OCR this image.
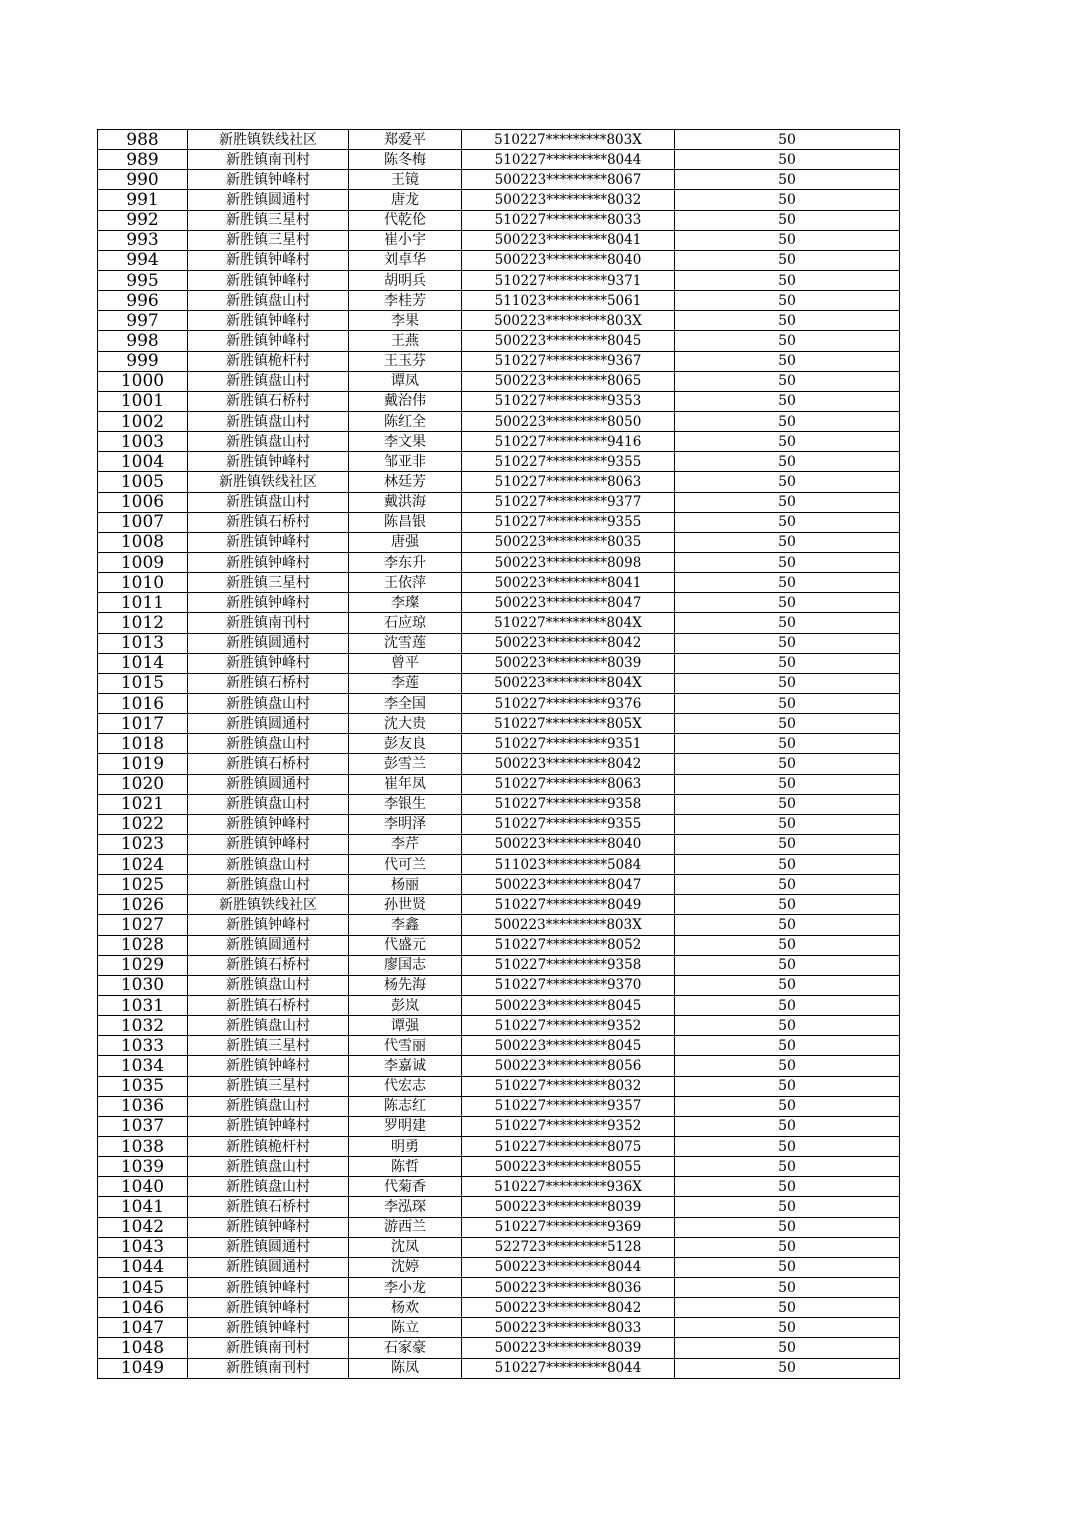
988	新胜镇铁线社区	郑爱平	510227*********803X	50
989	新胜镇南刊村	陈冬梅	510227*********8044	50
990	新胜镇钟峰村	王镜	500223*********8067	50
991	新胜镇圆通村	唐龙	500223*********8032	50
992	新胜镇三星村	代乾伦	510227*********8033	50
993	新胜镇三星村	崔小宇	500223*********8041	50
994	新胜镇钟峰村	刘卓华	500223*********8040	50
995	新胜镇钟峰村	胡明兵	510227*********9371	50
996	新胜镇盘山村	李桂芳	511023*********5061	50
997	新胜镇钟峰村	李果	500223*********803X	50
998	新胜镇钟峰村	王燕	500223*********8045	50
999	新胜镇桅杆村	王玉芬	510227*********9367	50
1000	新胜镇盘山村	谭凤	500223*********8065	50
1001	新胜镇石桥村	戴治伟	510227*********9353	50
1002	新胜镇盘山村	陈红全	500223*********8050	50
1003	新胜镇盘山村	李文果	510227*********9416	50
1004	新胜镇钟峰村	邹亚非	510227*********9355	50
1005	新胜镇铁线社区	林廷芳	510227*********8063	50
1006	新胜镇盘山村	戴洪海	510227*********9377	50
1007	新胜镇石桥村	陈昌银	510227*********9355	50
1008	新胜镇钟峰村	唐强	500223*********8035	50
1009	新胜镇钟峰村	李东升	500223*********8098	50
1010	新胜镇三星村	王依萍	500223*********8041	50
1011	新胜镇钟峰村	李璨	500223*********8047	50
1012	新胜镇南刊村	石应琼	510227*********804X	50
1013	新胜镇圆通村	沈雪莲	500223*********8042	50
1014	新胜镇钟峰村	曾平	500223*********8039	50
1015	新胜镇石桥村	李莲	500223*********804X	50
1016	新胜镇盘山村	李全国	510227*********9376	50
1017	新胜镇圆通村	沈大贵	510227*********805X	50
1018	新胜镇盘山村	彭友良	510227*********9351	50
1019	新胜镇石桥村	彭雪兰	500223*********8042	50
1020	新胜镇圆通村	崔年凤	510227*********8063	50
1021	新胜镇盘山村	李银生	510227*********9358	50
1022	新胜镇钟峰村	李明泽	510227*********9355	50
1023	新胜镇钟峰村	李芹	500223*********8040	50
1024	新胜镇盘山村	代可兰	511023*********5084	50
1025	新胜镇盘山村	杨丽	500223*********8047	50
1026	新胜镇铁线社区	孙世贤	510227*********8049	50
1027	新胜镇钟峰村	李鑫	500223*********803X	50
1028	新胜镇圆通村	代盛元	510227*********8052	50
1029	新胜镇石桥村	廖国志	510227*********9358	50
1030	新胜镇盘山村	杨先海	510227*********9370	50
1031	新胜镇石桥村	彭岚	500223*********8045	50
1032	新胜镇盘山村	谭强	510227*********9352	50
1033	新胜镇三星村	代雪丽	500223*********8045	50
1034	新胜镇钟峰村	李嘉诚	500223*********8056	50
1035	新胜镇三星村	代宏志	510227*********8032	50
1036	新胜镇盘山村	陈志红	510227*********9357	50
1037	新胜镇钟峰村	罗明建	510227*********9352	50
1038	新胜镇桅杆村	明勇	510227*********8075	50
1039	新胜镇盘山村	陈哲	500223*********8055	50
1040	新胜镇盘山村	代菊香	510227*********936X	50
1041	新胜镇石桥村	李泓琛	500223*********8039	50
1042	新胜镇钟峰村	游西兰	510227*********9369	50
1043	新胜镇圆通村	沈凤	522723*********5128	50
1044	新胜镇圆通村	沈婷	500223*********8044	50
1045	新胜镇钟峰村	李小龙	500223*********8036	50
1046	新胜镇钟峰村	杨欢	500223*********8042	50
1047	新胜镇钟峰村	陈立	500223*********8033	50
1048	新胜镇南刊村	石家豪	500223*********8039	50
1049	新胜镇南刊村	陈凤	510227*********8044	50
